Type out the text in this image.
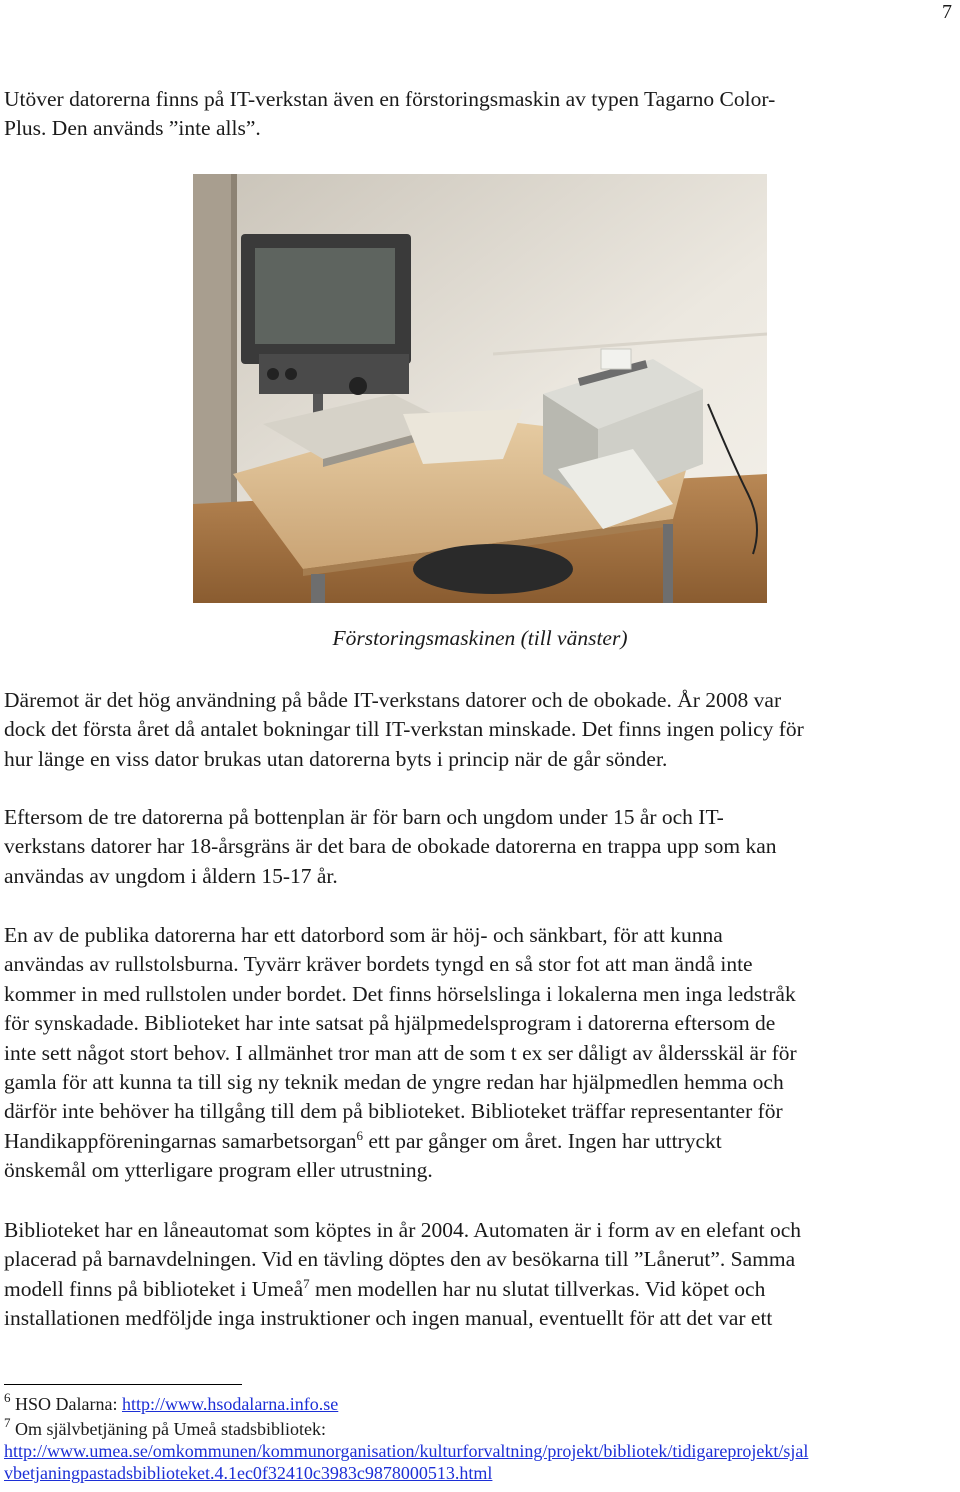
7

Utöver datorerna finns på IT-verkstan även en förstoringsmaskin av typen Tagarno Color-
Plus. Den används ”inte alls”.

Förstoringsmaskinen (till vänster)

Däremot är det hög användning på både IT-verkstans datorer och de obokade. År 2008 var
dock det första året då antalet bokningar till IT-verkstan minskade. Det finns ingen policy för
hur länge en viss dator brukas utan datorerna byts i princip när de går sönder.

Eftersom de tre datorerna på bottenplan är för barn och ungdom under 15 år och IT-
verkstans datorer har 18-årsgräns är det bara de obokade datorerna en trappa upp som kan
användas av ungdom i åldern 15-17 år.

En av de publika datorerna har ett datorbord som är höj- och sänkbart, för att kunna
användas av rullstolsburna. Tyvärr kräver bordets tyngd en så stor fot att man ändå inte
kommer in med rullstolen under bordet. Det finns hörselslinga i lokalerna men inga ledstråk
för synskadade. Biblioteket har inte satsat på hjälpmedelsprogram i datorerna eftersom de
inte sett något stort behov. I allmänhet tror man att de som t ex ser dåligt av åldersskäl är för
gamla för att kunna ta till sig ny teknik medan de yngre redan har hjälpmedlen hemma och
därför inte behöver ha tillgång till dem på biblioteket. Biblioteket träffar representanter för
Handikappföreningarnas samarbetsorgan$^6$ ett par gånger om året. Ingen har uttryckt
önskemål om ytterligare program eller utrustning.

Biblioteket har en låneautomat som köptes in år 2004. Automaten är i form av en elefant och
placerad på barnavdelningen. Vid en tävling döptes den av besökarna till ”Lånerut”. Samma
modell finns på biblioteket i Umeå$^7$ men modellen har nu slutat tillverkas. Vid köpet och
installationen medföljde inga instruktioner och ingen manual, eventuellt för att det var ett

$^6$ HSO Dalarna: http://www.hsodalarna.info.se

$^7$ Om självbetjäning på Umeå stadsbibliotek:
http://www.umea.se/omkommunen/kommunorganisation/kulturforvaltning/projekt/bibliotek/tidigareprojekt/sjal
vbetjaningpastadsbiblioteket.4.1ec0f32410c3983c9878000513.html
